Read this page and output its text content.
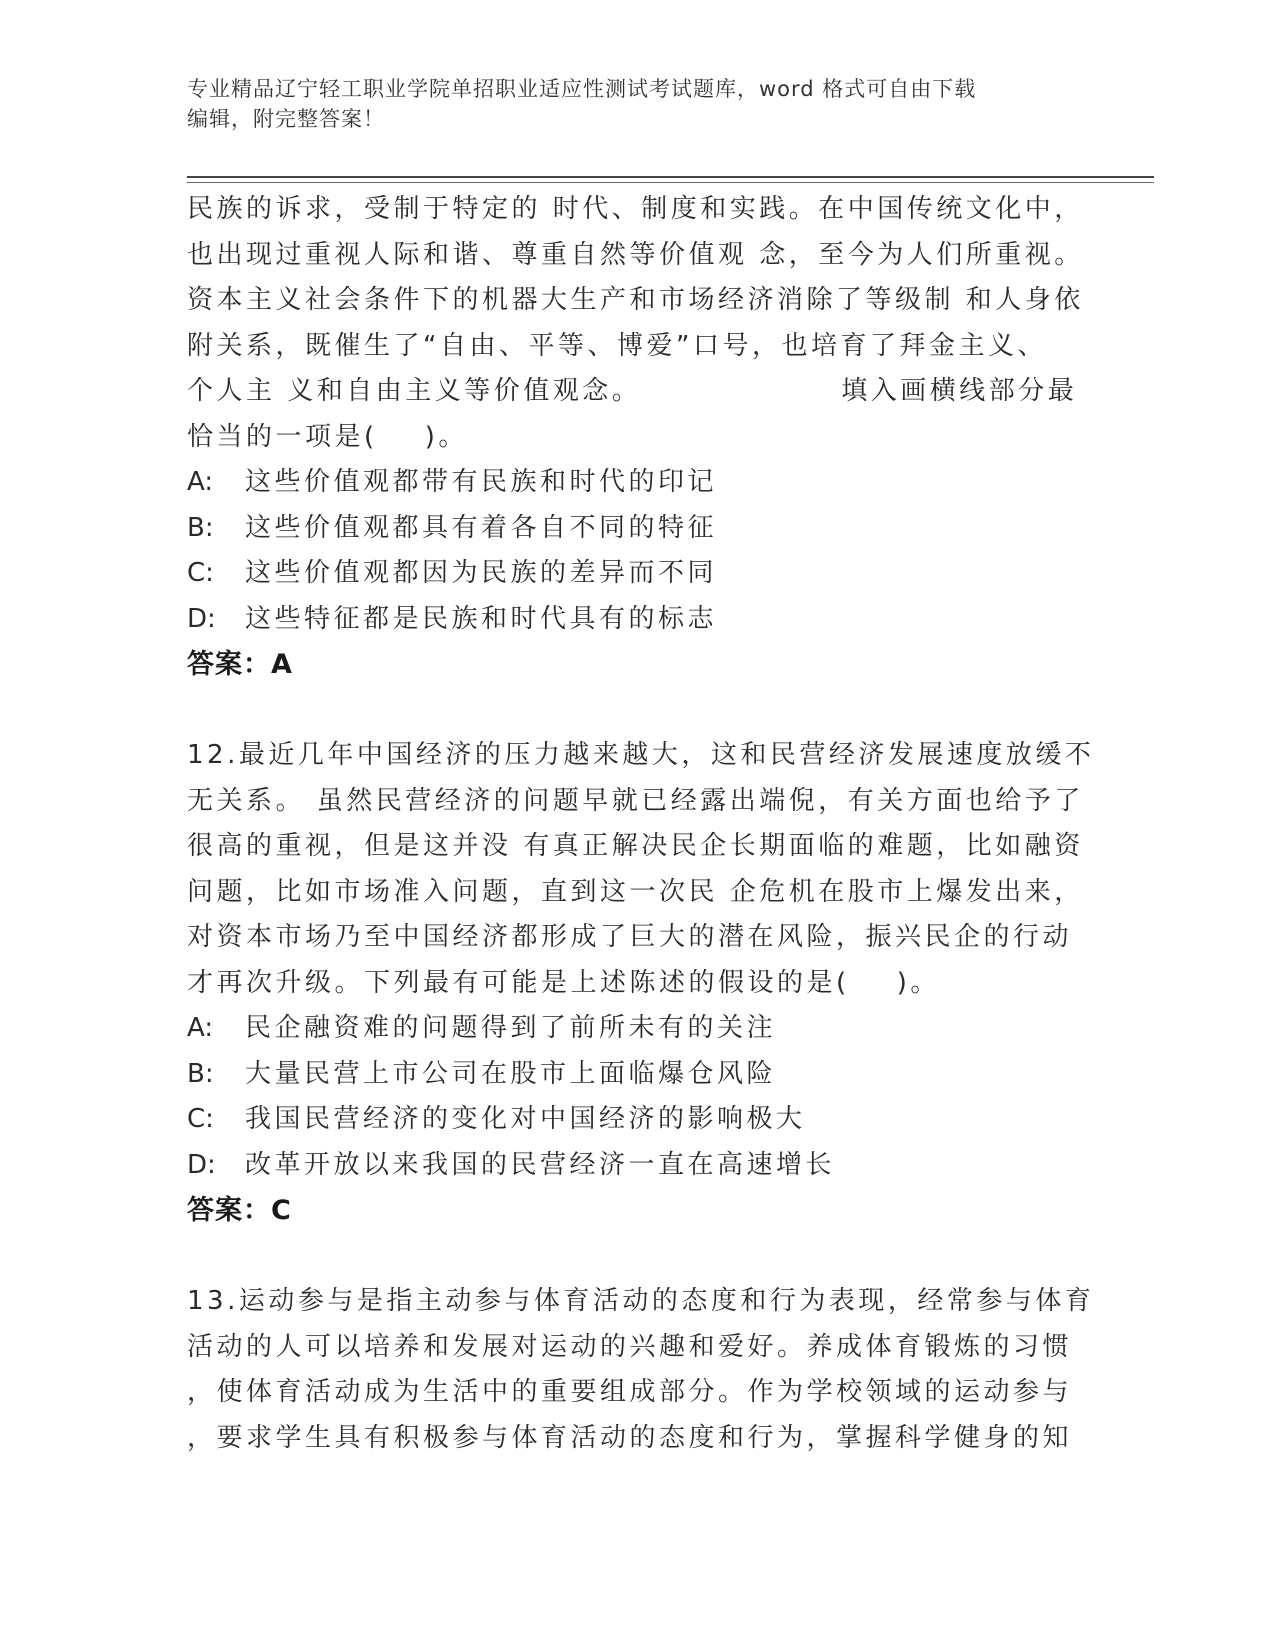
专业精品辽宁轻工职业学院单招职业适应性测试考试题库，word 格式可自由下载
编辑，附完整答案！
民族的诉求，受制于特定的 时代、制度和实践。在中国传统文化中，
也出现过重视人际和谐、尊重自然等价值观 念，至今为人们所重视。
资本主义社会条件下的机器大生产和市场经济消除了等级制 和人身依
附关系，既催生了“自由、平等、博爱”口号，也培育了拜金主义、
个人主 义和自由主义等价值观念。                 填入画横线部分最
恰当的一项是(    )。
A:	这些价值观都带有民族和时代的印记
B:	这些价值观都具有着各自不同的特征
C:	这些价值观都因为民族的差异而不同
D:	这些特征都是民族和时代具有的标志
答案：A
12.最近几年中国经济的压力越来越大，这和民营经济发展速度放缓不
无关系。 虽然民营经济的问题早就已经露出端倪，有关方面也给予了
很高的重视，但是这并没 有真正解决民企长期面临的难题，比如融资
问题，比如市场准入问题，直到这一次民 企危机在股市上爆发出来，
对资本市场乃至中国经济都形成了巨大的潜在风险，振兴民企的行动
才再次升级。下列最有可能是上述陈述的假设的是(    )。
A:	民企融资难的问题得到了前所未有的关注
B:	大量民营上市公司在股市上面临爆仓风险
C:	我国民营经济的变化对中国经济的影响极大
D:	改革开放以来我国的民营经济一直在高速增长
答案：C
13.运动参与是指主动参与体育活动的态度和行为表现，经常参与体育
活动的人可以培养和发展对运动的兴趣和爱好。养成体育锻炼的习惯
，使体育活动成为生活中的重要组成部分。作为学校领域的运动参与
，要求学生具有积极参与体育活动的态度和行为，掌握科学健身的知
